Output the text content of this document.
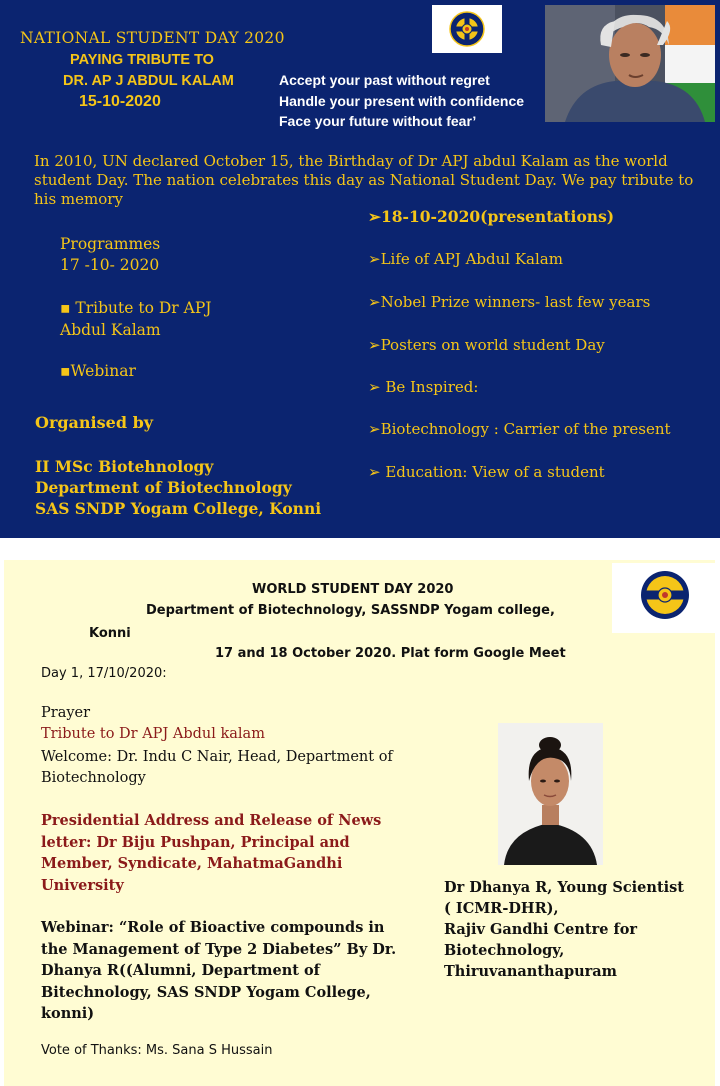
NATIONAL STUDENT DAY 2020
PAYING TRIBUTE TO
DR. AP J ABDUL KALAM
15-10-2020
Accept your past without regret
Handle your present with confidence
Face your future without fear’
In 2010, UN declared October 15, the Birthday of Dr APJ abdul Kalam as the world student Day. The nation celebrates this day as National Student Day. We pay tribute to his memory
Programmes
17 -10- 2020
▪ Tribute to Dr APJ Abdul Kalam
▪Webinar
Organised by
II MSc Biotehnology
Department of Biotechnology
SAS SNDP Yogam College, Konni
➢18-10-2020(presentations)
➢Life of APJ Abdul Kalam
➢Nobel Prize winners- last few years
➢Posters on world student Day
➢ Be Inspired:
➢Biotechnology : Carrier of the present
➢ Education: View of a student
WORLD STUDENT DAY 2020
Department of Biotechnology, SASSNDP Yogam college,
Konni
17 and 18 October 2020. Plat form Google Meet
Day 1, 17/10/2020:
Prayer
Tribute to Dr APJ Abdul kalam
Welcome: Dr. Indu C Nair, Head, Department of Biotechnology
Presidential Address and Release of News letter: Dr Biju Pushpan, Principal and Member, Syndicate, MahatmaGandhi University
Webinar: “Role of Bioactive compounds in the Management of Type 2 Diabetes” By Dr. Dhanya R((Alumni, Department of Bitechnology, SAS SNDP Yogam College, konni)
Vote of Thanks: Ms. Sana S Hussain
Dr Dhanya R, Young Scientist
( ICMR-DHR),
Rajiv Gandhi Centre for
Biotechnology,
Thiruvananthapuram
